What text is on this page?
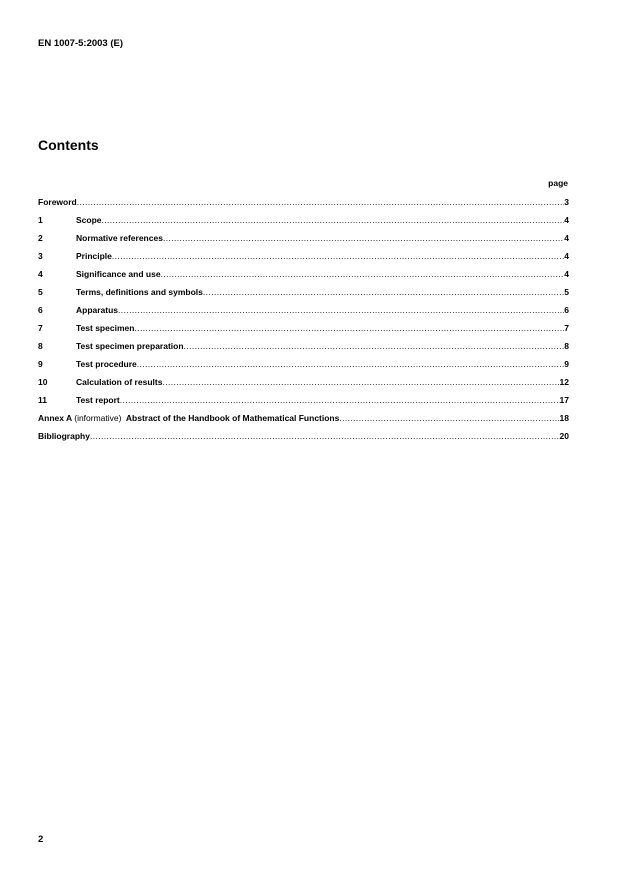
EN 1007-5:2003 (E)
Contents
page
Foreword .....	3
1	Scope .....	4
2	Normative references .....	4
3	Principle .....	4
4	Significance and use .....	4
5	Terms, definitions and symbols .....	5
6	Apparatus .....	6
7	Test specimen .....	7
8	Test specimen preparation .....	8
9	Test procedure .....	9
10	Calculation of results .....	12
11	Test report .....	17
Annex A (informative) Abstract of the Handbook of Mathematical Functions .....	18
Bibliography .....	20
2
